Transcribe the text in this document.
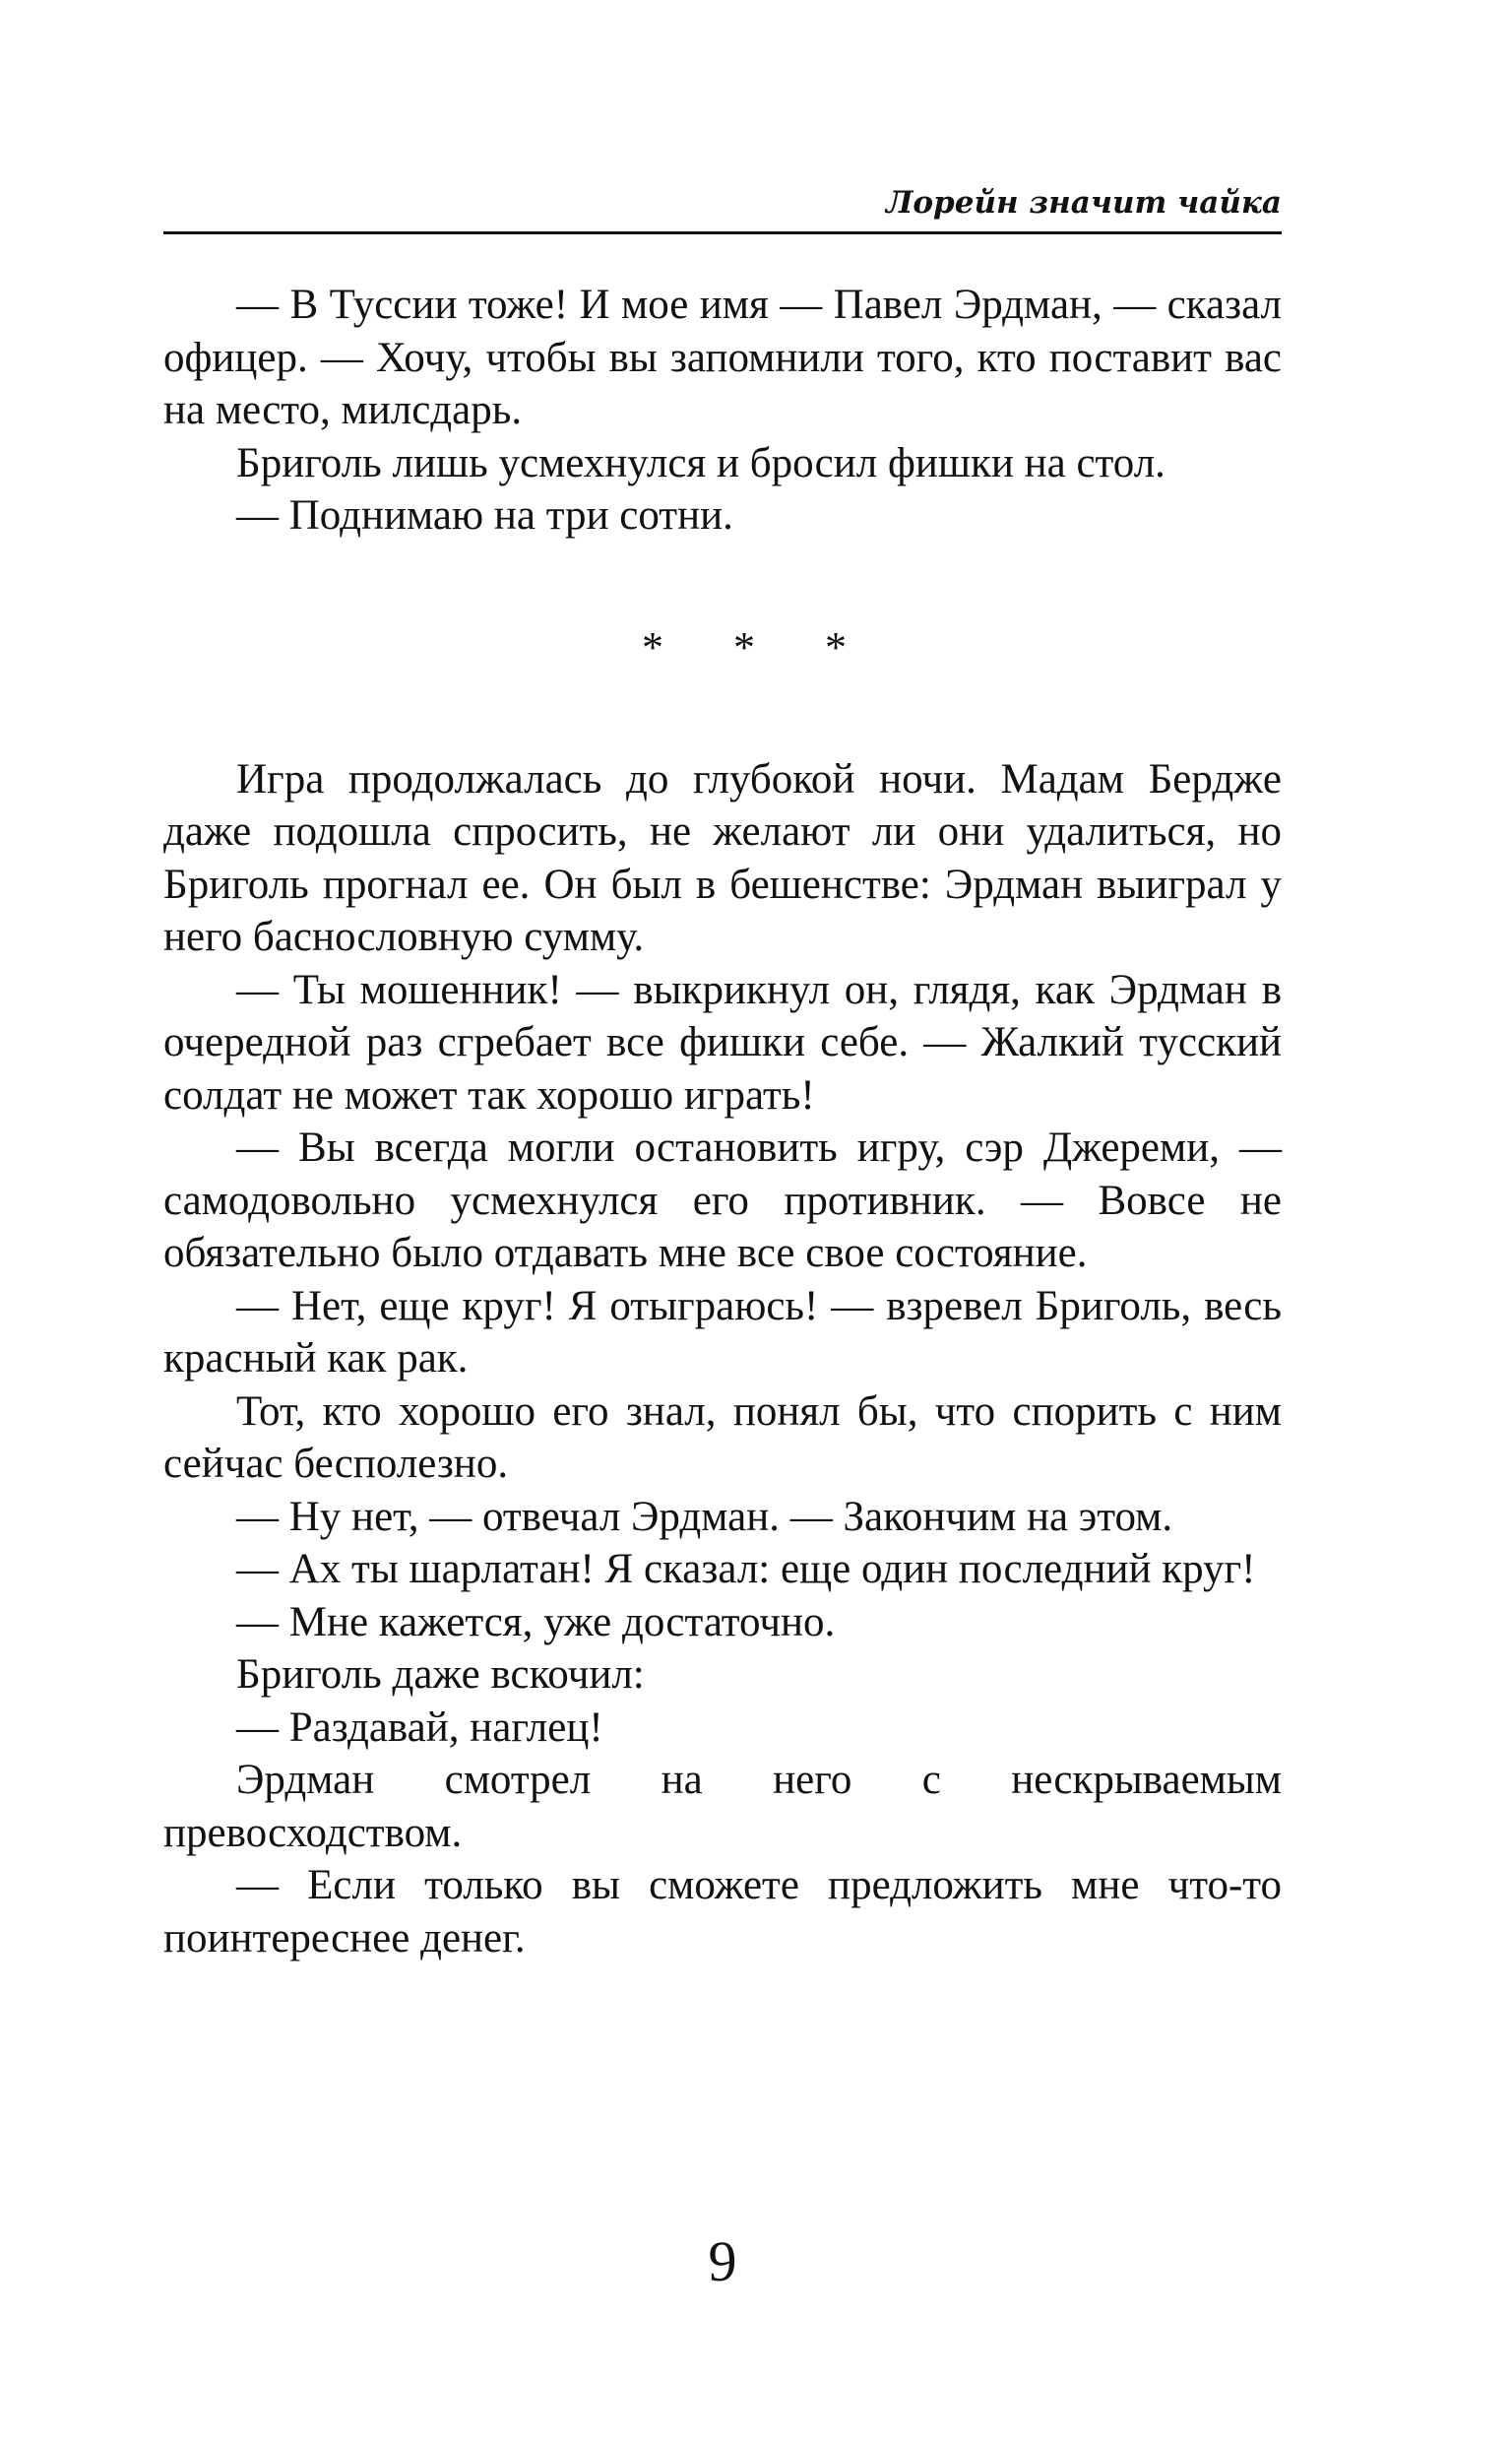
Лорейн значит чайка

— В Туссии тоже! И мое имя — Павел Эрдман, — сказал офицер. — Хочу, чтобы вы запомнили того, кто поставит вас на место, милсдарь.

Бриголь лишь усмехнулся и бросил фишки на стол.

— Поднимаю на три сотни.

* * *

Игра продолжалась до глубокой ночи. Мадам Берджe даже подошла спросить, не желают ли они удалиться, но Бриголь прогнал ее. Он был в бешенстве: Эрдман выиграл у него баснословную сумму.

— Ты мошенник! — выкрикнул он, глядя, как Эрдман в очередной раз сгребает все фишки себе. — Жалкий тусский солдат не может так хорошо играть!

— Вы всегда могли остановить игру, сэр Джереми, — самодовольно усмехнулся его противник. — Вовсе не обязательно было отдавать мне все свое состояние.

— Нет, еще круг! Я отыграюсь! — взревел Бриголь, весь красный как рак.

Тот, кто хорошо его знал, понял бы, что спорить с ним сейчас бесполезно.

— Ну нет, — отвечал Эрдман. — Закончим на этом.

— Ах ты шарлатан! Я сказал: еще один последний круг!

— Мне кажется, уже достаточно.

Бриголь даже вскочил:

— Раздавай, наглец!

Эрдман смотрел на него с нескрываемым превосходством.

— Если только вы сможете предложить мне что-то поинтереснее денег.

9
